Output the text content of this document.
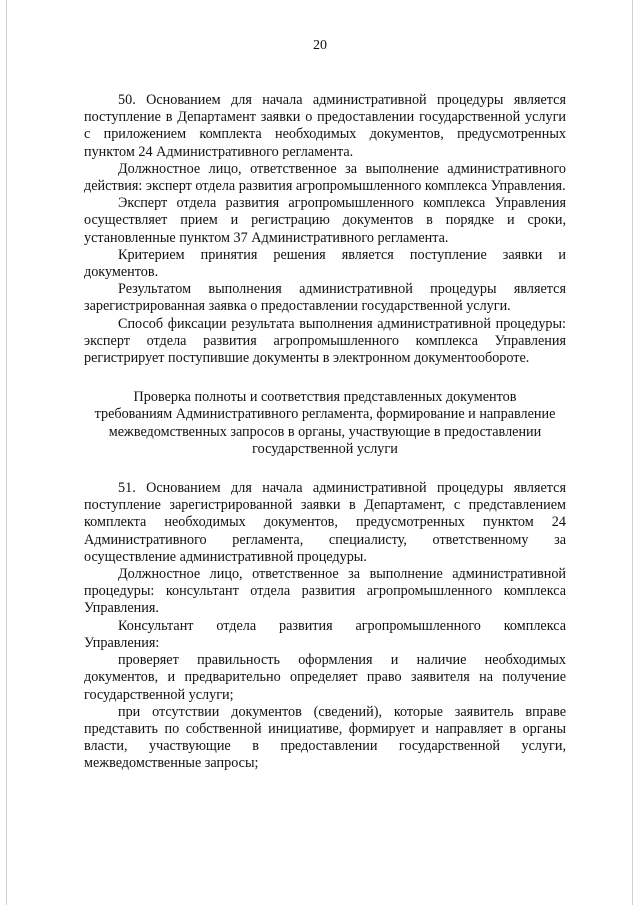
20

50. Основанием для начала административной процедуры является поступление в Департамент заявки о предоставлении государственной услуги с приложением комплекта необходимых документов, предусмотренных пунктом 24 Административного регламента.

Должностное лицо, ответственное за выполнение административного действия: эксперт отдела развития агропромышленного комплекса Управления.

Эксперт отдела развития агропромышленного комплекса Управления осуществляет прием и регистрацию документов в порядке и сроки, установленные пунктом 37 Административного регламента.

Критерием принятия решения является поступление заявки и документов.

Результатом выполнения административной процедуры является зарегистрированная заявка о предоставлении государственной услуги.

Способ фиксации результата выполнения административной процедуры: эксперт отдела развития агропромышленного комплекса Управления регистрирует поступившие документы в электронном документообороте.

Проверка полноты и соответствия представленных документов требованиям Административного регламента, формирование и направление межведомственных запросов в органы, участвующие в предоставлении государственной услуги

51. Основанием для начала административной процедуры является поступление зарегистрированной заявки в Департамент, с представлением комплекта необходимых документов, предусмотренных пунктом 24 Административного регламента, специалисту, ответственному за осуществление административной процедуры.

Должностное лицо, ответственное за выполнение административной процедуры: консультант отдела развития агропромышленного комплекса Управления.

Консультант отдела развития агропромышленного комплекса Управления:

проверяет правильность оформления и наличие необходимых документов, и предварительно определяет право заявителя на получение государственной услуги;

при отсутствии документов (сведений), которые заявитель вправе представить по собственной инициативе, формирует и направляет в органы власти, участвующие в предоставлении государственной услуги, межведомственные запросы;
